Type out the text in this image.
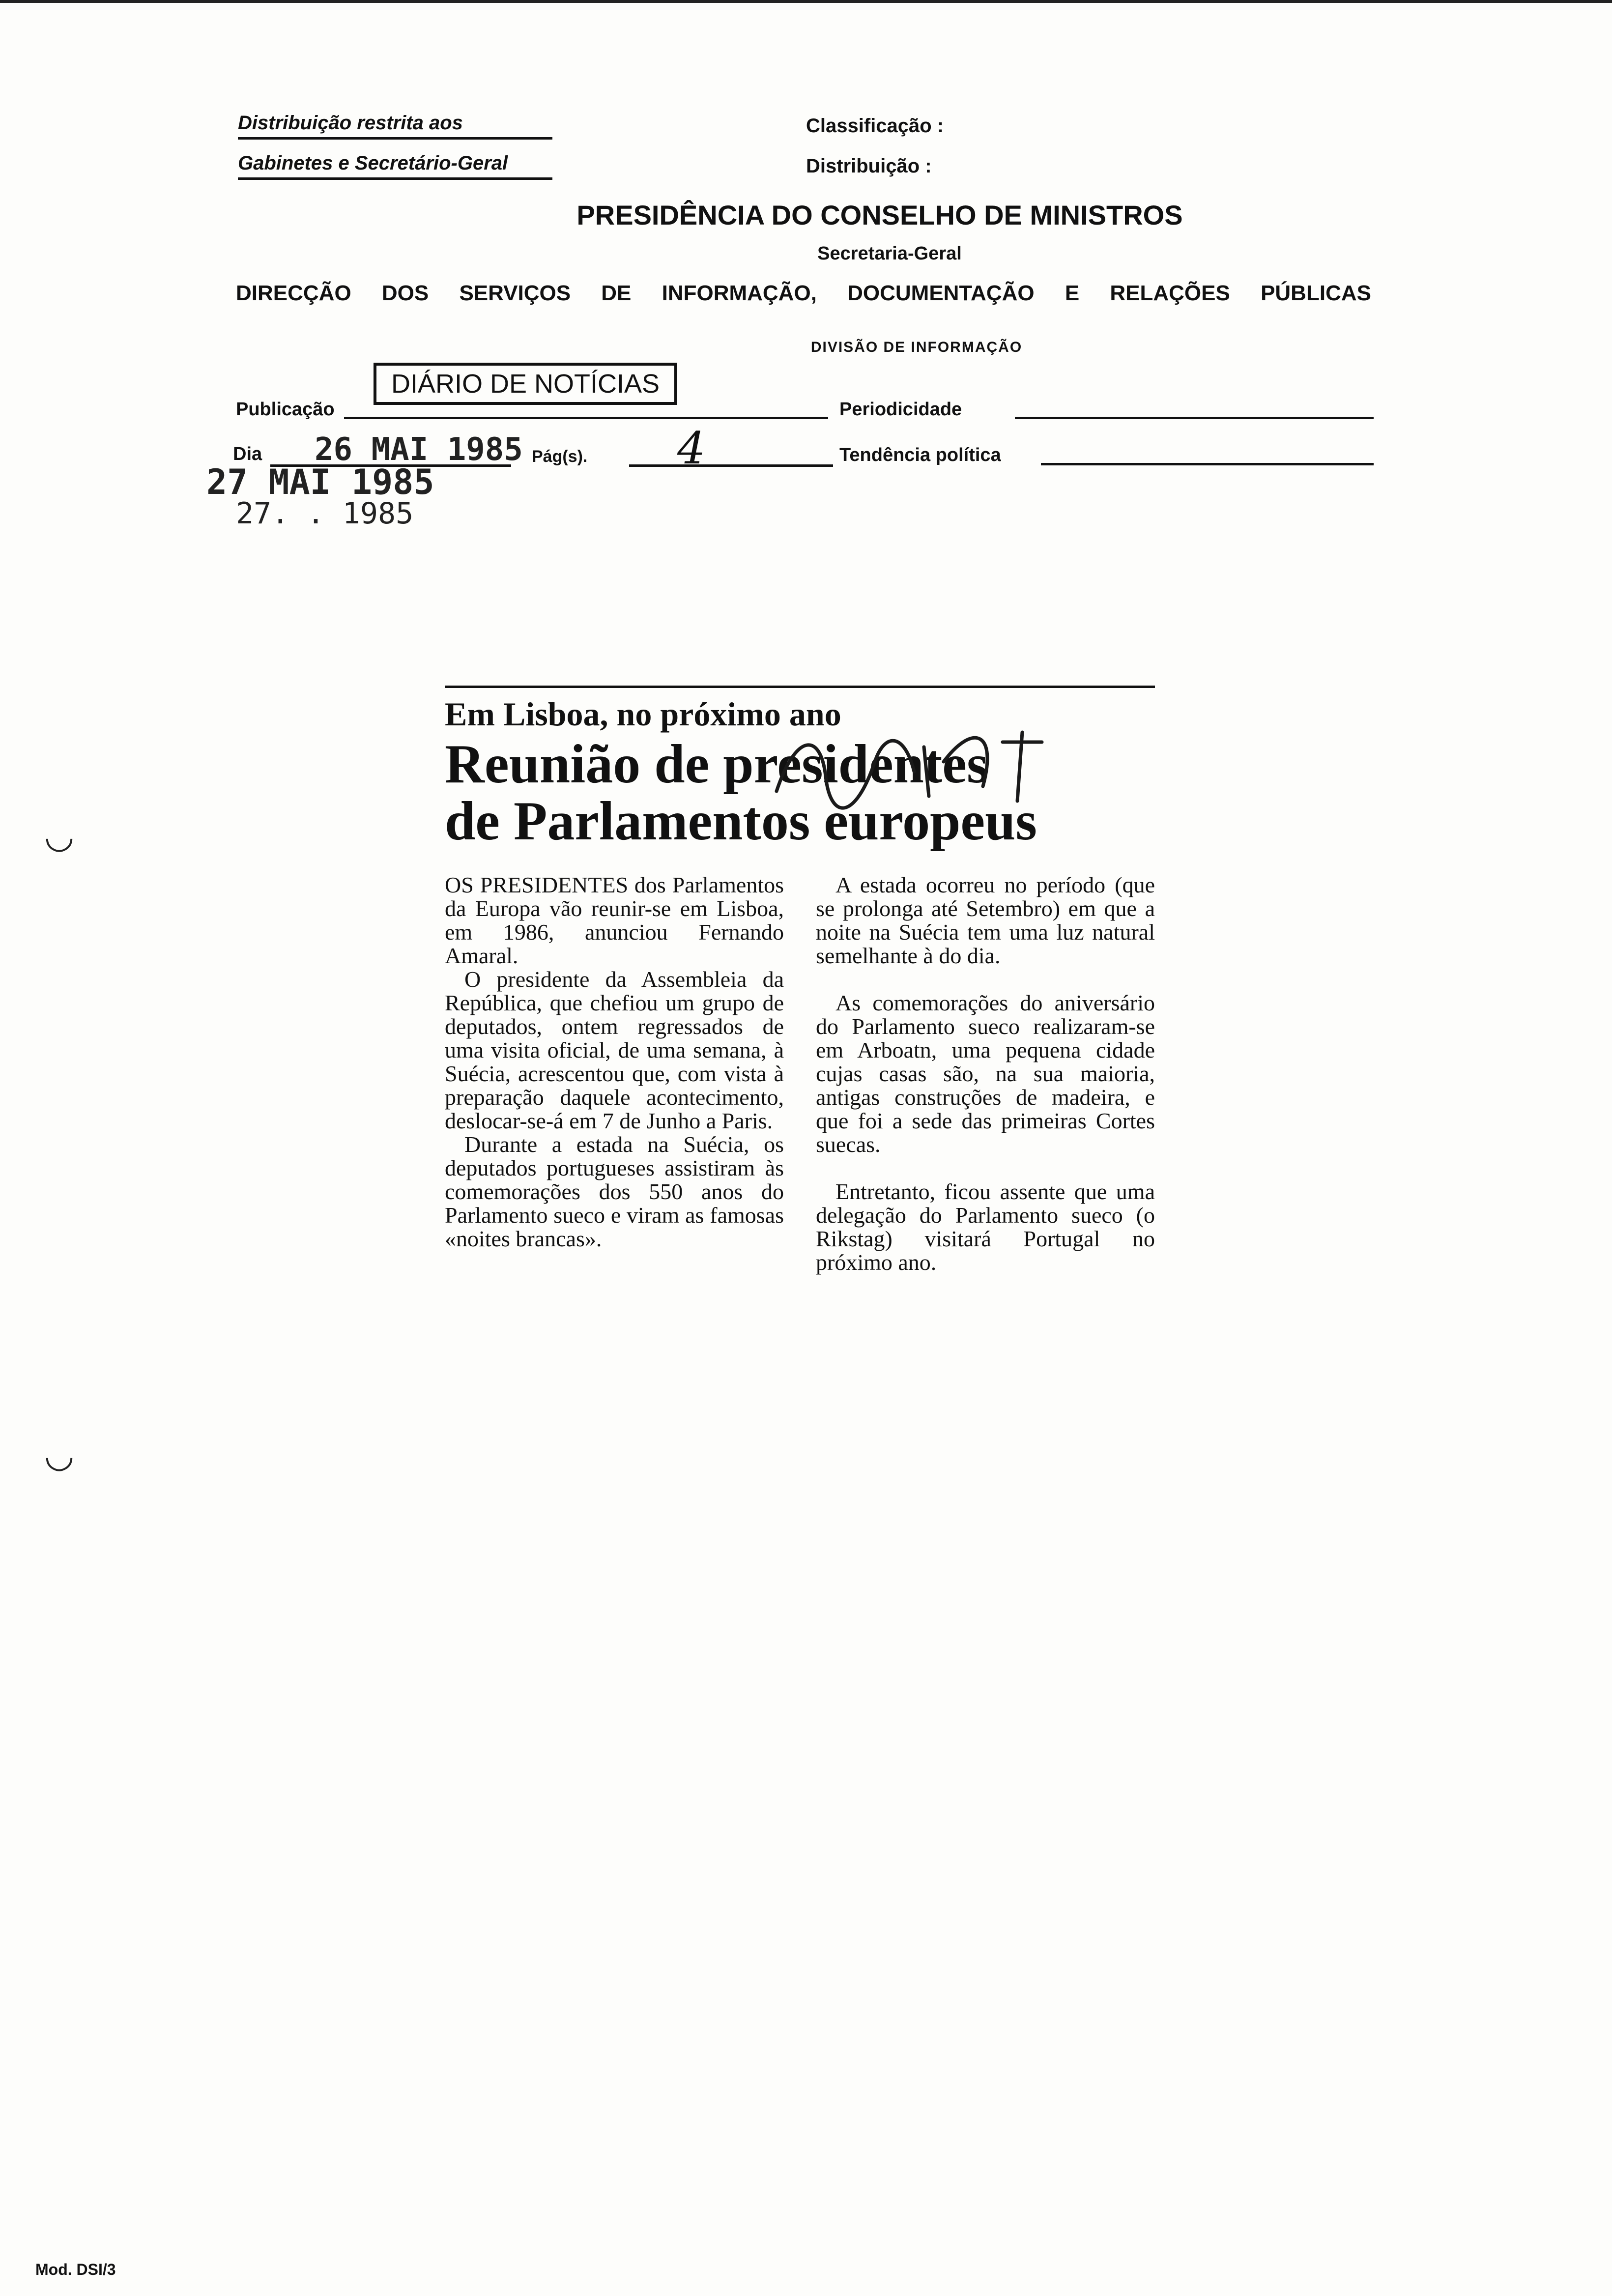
Distribuição restrita aos
Gabinetes e Secretário-Geral
Classificação :
Distribuição :
PRESIDÊNCIA DO CONSELHO DE MINISTROS
Secretaria-Geral
DIRECÇÃO DOS SERVIÇOS DE INFORMAÇÃO, DOCUMENTAÇÃO E RELAÇÕES PÚBLICAS
DIVISÃO DE INFORMAÇÃO
Publicação
DIÁRIO DE NOTÍCIAS
Periodicidade
Dia 26 MAI 1985 Pág(s). 4	Tendência política
27 MAI 1985
27. . 1985
◡
◡
Em Lisboa, no próximo ano
Reunião de presidentes
de Parlamentos europeus

OS PRESIDENTES dos Parlamentos da Europa vão reunir-se em Lisboa, em 1986, anunciou Fernando Amaral.

O presidente da Assembleia da República, que chefiou um grupo de deputados, ontem regressados de uma visita oficial, de uma semana, à Suécia, acrescentou que, com vista à preparação daquele acontecimento, deslocar-se-á em 7 de Junho a Paris.

Durante a estada na Suécia, os deputados portugueses assistiram às comemorações dos 550 anos do Parlamento sueco e viram as famosas «noites brancas».

A estada ocorreu no período (que se prolonga até Setembro) em que a noite na Suécia tem uma luz natural semelhante à do dia.

As comemorações do aniversário do Parlamento sueco realizaram-se em Arboatn, uma pequena cidade cujas casas são, na sua maioria, antigas construções de madeira, e que foi a sede das primeiras Cortes suecas.

Entretanto, ficou assente que uma delegação do Parlamento sueco (o Rikstag) visitará Portugal no próximo ano.

Mod. DSI/3
